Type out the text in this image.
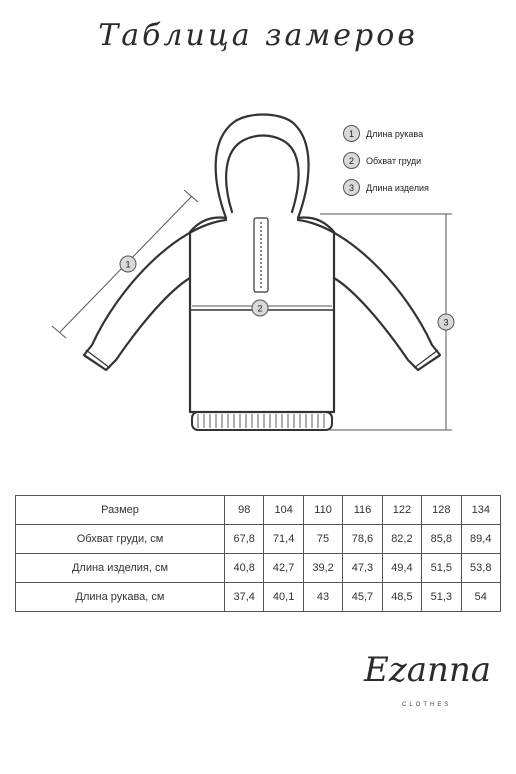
Таблица замеров
1
2
3
1	Длина рукава
2	Обхват груди
3	Длина изделия
Размер	98	104	110	116	122	128	134
Обхват груди, см	67,8	71,4	75	78,6	82,2	85,8	89,4
Длина изделия, см	40,8	42,7	39,2	47,3	49,4	51,5	53,8
Длина рукава, см	37,4	40,1	43	45,7	48,5	51,3	54
Ezanna
CLOTHES
